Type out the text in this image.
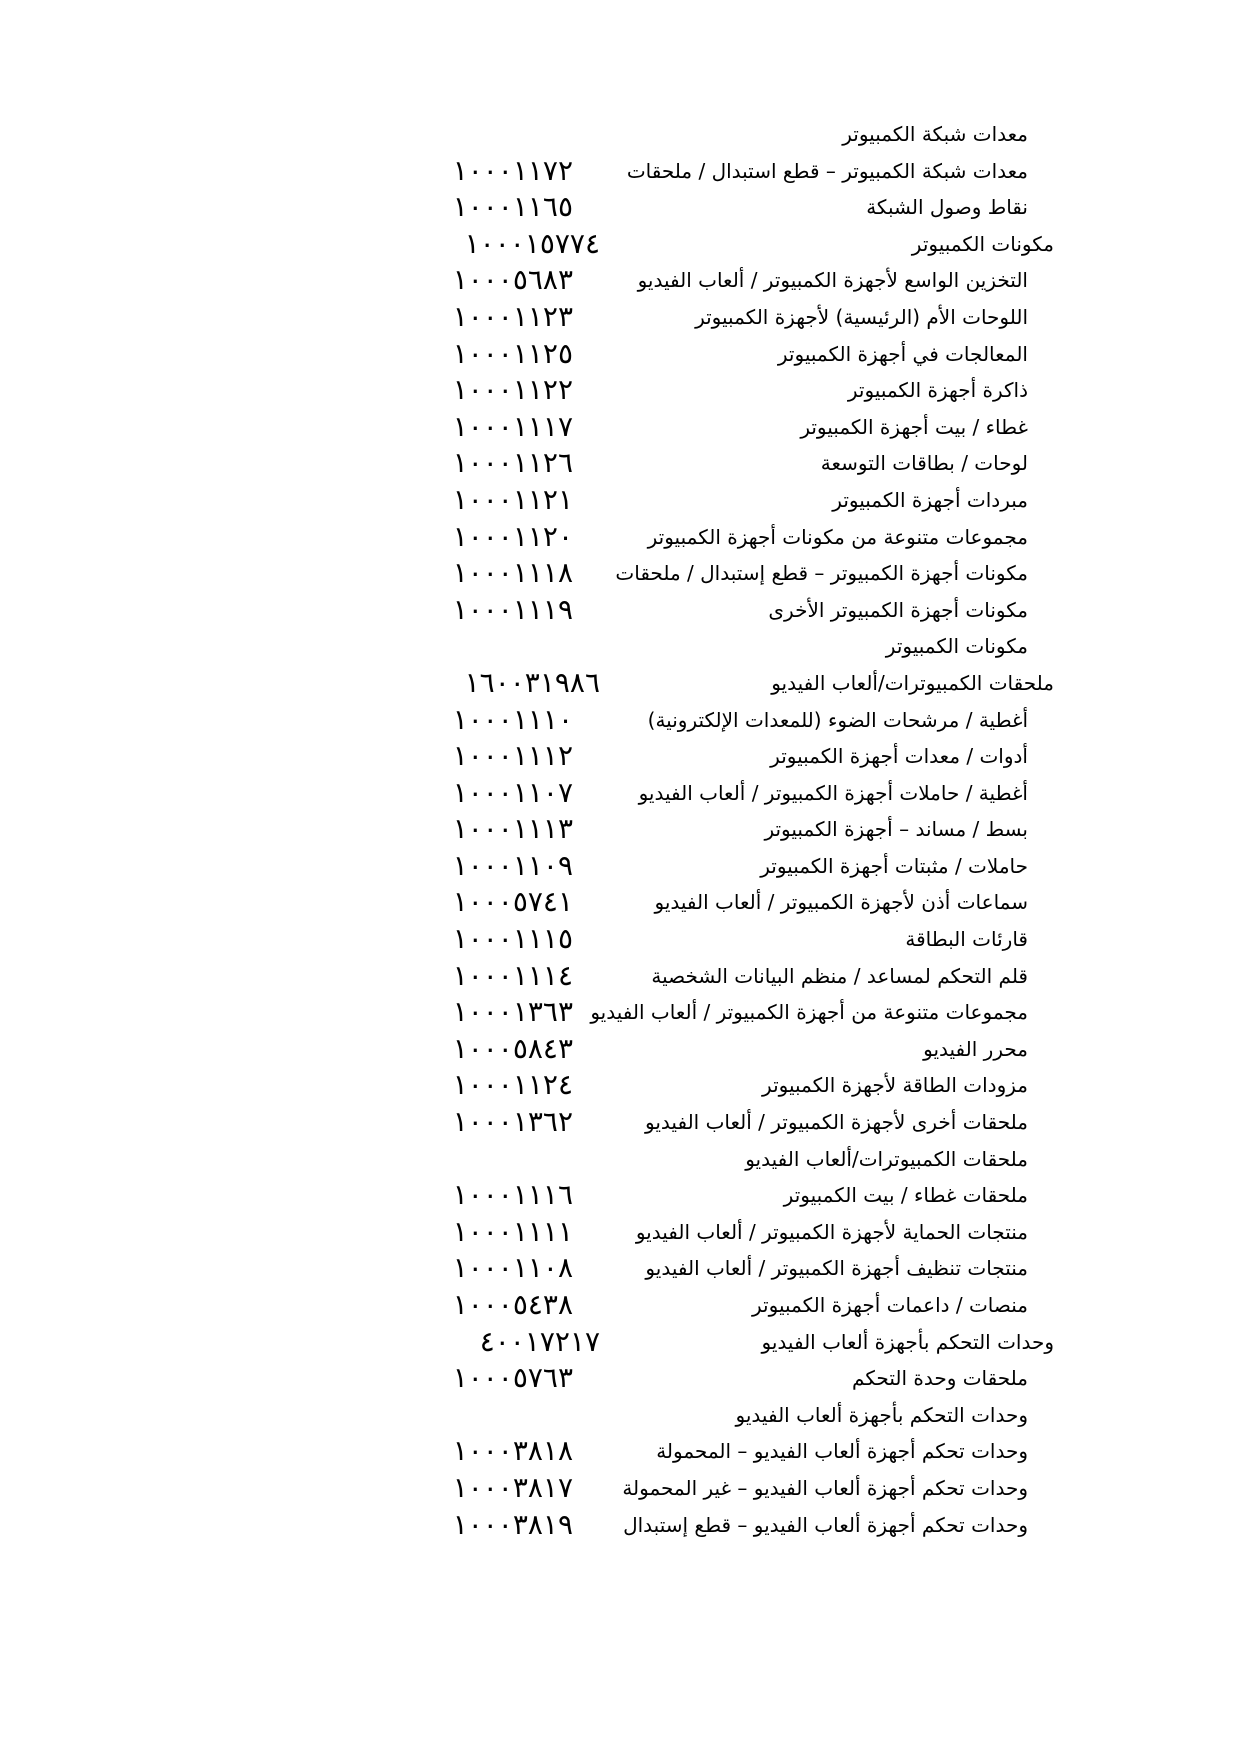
معدات شبكة الكمبيوتر
معدات شبكة الكمبيوتر – قطع استبدال / ملحقات
١٠٠٠١١٧٢
نقاط وصول الشبكة
١٠٠٠١١٦٥
مكونات الكمبيوتر
١٠٠٠١٥٧٧٤
التخزين الواسع لأجهزة الكمبيوتر / ألعاب الفيديو
١٠٠٠٥٦٨٣
اللوحات الأم (الرئيسية) لأجهزة الكمبيوتر
١٠٠٠١١٢٣
المعالجات في أجهزة الكمبيوتر
١٠٠٠١١٢٥
ذاكرة أجهزة الكمبيوتر
١٠٠٠١١٢٢
غطاء / بيت أجهزة الكمبيوتر
١٠٠٠١١١٧
لوحات / بطاقات التوسعة
١٠٠٠١١٢٦
مبردات أجهزة الكمبيوتر
١٠٠٠١١٢١
مجموعات متنوعة من مكونات أجهزة الكمبيوتر
١٠٠٠١١٢٠
مكونات أجهزة الكمبيوتر – قطع إستبدال / ملحقات
١٠٠٠١١١٨
مكونات أجهزة الكمبيوتر الأخرى
١٠٠٠١١١٩
مكونات الكمبيوتر
ملحقات الكمبيوترات/ألعاب الفيديو
١٦٠٠٣١٩٨٦
أغطية / مرشحات الضوء (للمعدات الإلكترونية)
١٠٠٠١١١٠
أدوات / معدات أجهزة الكمبيوتر
١٠٠٠١١١٢
أغطية / حاملات أجهزة الكمبيوتر / ألعاب الفيديو
١٠٠٠١١٠٧
بسط / مساند – أجهزة الكمبيوتر
١٠٠٠١١١٣
حاملات / مثبتات أجهزة الكمبيوتر
١٠٠٠١١٠٩
سماعات أذن لأجهزة الكمبيوتر / ألعاب الفيديو
١٠٠٠٥٧٤١
قارئات البطاقة
١٠٠٠١١١٥
قلم التحكم لمساعد / منظم البيانات الشخصية
١٠٠٠١١١٤
مجموعات متنوعة من أجهزة الكمبيوتر / ألعاب الفيديو
١٠٠٠١٣٦٣
محرر الفيديو
١٠٠٠٥٨٤٣
مزودات الطاقة لأجهزة الكمبيوتر
١٠٠٠١١٢٤
ملحقات أخرى لأجهزة الكمبيوتر / ألعاب الفيديو
١٠٠٠١٣٦٢
ملحقات الكمبيوترات/ألعاب الفيديو
ملحقات غطاء / بيت الكمبيوتر
١٠٠٠١١١٦
منتجات الحماية لأجهزة الكمبيوتر / ألعاب الفيديو
١٠٠٠١١١١
منتجات تنظيف أجهزة الكمبيوتر / ألعاب الفيديو
١٠٠٠١١٠٨
منصات / داعمات أجهزة الكمبيوتر
١٠٠٠٥٤٣٨
وحدات التحكم بأجهزة ألعاب الفيديو
٤٠٠١٧٢١٧
ملحقات وحدة التحكم
١٠٠٠٥٧٦٣
وحدات التحكم بأجهزة ألعاب الفيديو
وحدات تحكم أجهزة ألعاب الفيديو – المحمولة
١٠٠٠٣٨١٨
وحدات تحكم أجهزة ألعاب الفيديو – غير المحمولة
١٠٠٠٣٨١٧
وحدات تحكم أجهزة ألعاب الفيديو – قطع إستبدال
١٠٠٠٣٨١٩
